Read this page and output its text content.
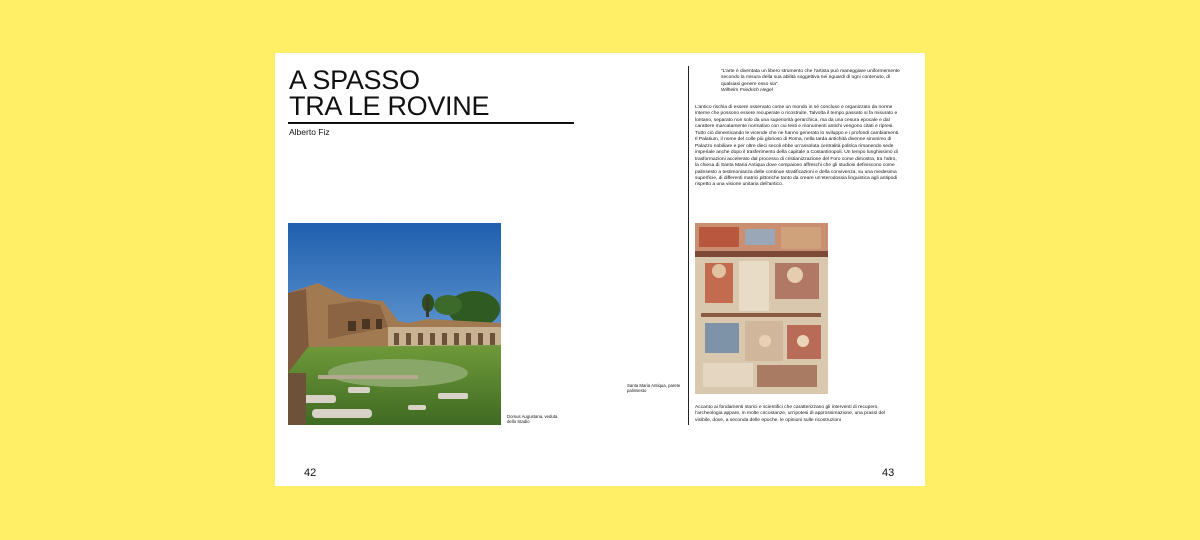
A SPASSO
TRA LE ROVINE
Alberto Fiz
Domus Augustana, veduta dello Stadio
Santa Maria Antiqua, parete palinsesto
“L’arte è diventata un libero strumento che l’artista può maneggiare uniformemente secondo la misura della sua abilità soggettiva nei riguardi di ogni contenuto, di qualsiasi genere esso sia”.
Wilhelm Friedrich Hegel
L’antico rischia di essere osservato come un mondo in sé concluso e organizzato da norme interne che possono essere recuperate o ricostruite. Talvolta il tempo passato si fa misurato e lontano, separato non solo da una superiorità gerarchica, ma da una cesura epocale e dal carattere marcatamente normativo con cui testi e monumenti antichi vengono citati e ripresi. Tutto ciò dimenticando le vicende che ne hanno generato lo sviluppo e i profondi cambiamenti. Il Palatium, il nome del colle più glorioso di Roma, nella tarda antichità divenne sinonimo di Palazzo nobiliare e per oltre dieci secoli ebbe un’assoluta centralità politica rimanendo sede imperiale anche dopo il trasferimento della capitale a Costantinopoli. Un tempo lunghissimo di trasformazioni accelerato dal processo di cristianizzazione del Foro come dimostra, tra l’altro, la chiesa di Santa Maria Antiqua dove compaiono affreschi che gli studiosi definiscono come palinsesto a testimonianza delle continue stratificazioni e della convivenza, su una medesima superficie, di differenti matrici pittoriche tanto da creare un’eterodossia linguistica agli antipodi rispetto a una visione unitaria dell’antico.
Accanto ai fondamenti storici e scientifici che caratterizzano gli interventi di recupero, l’archeologia appare, in molte circostanze, un’ipotesi di approssimazione, una prassi del visibile, dove, a seconda delle epoche, le opinioni sulle ricostruzioni
42	43
